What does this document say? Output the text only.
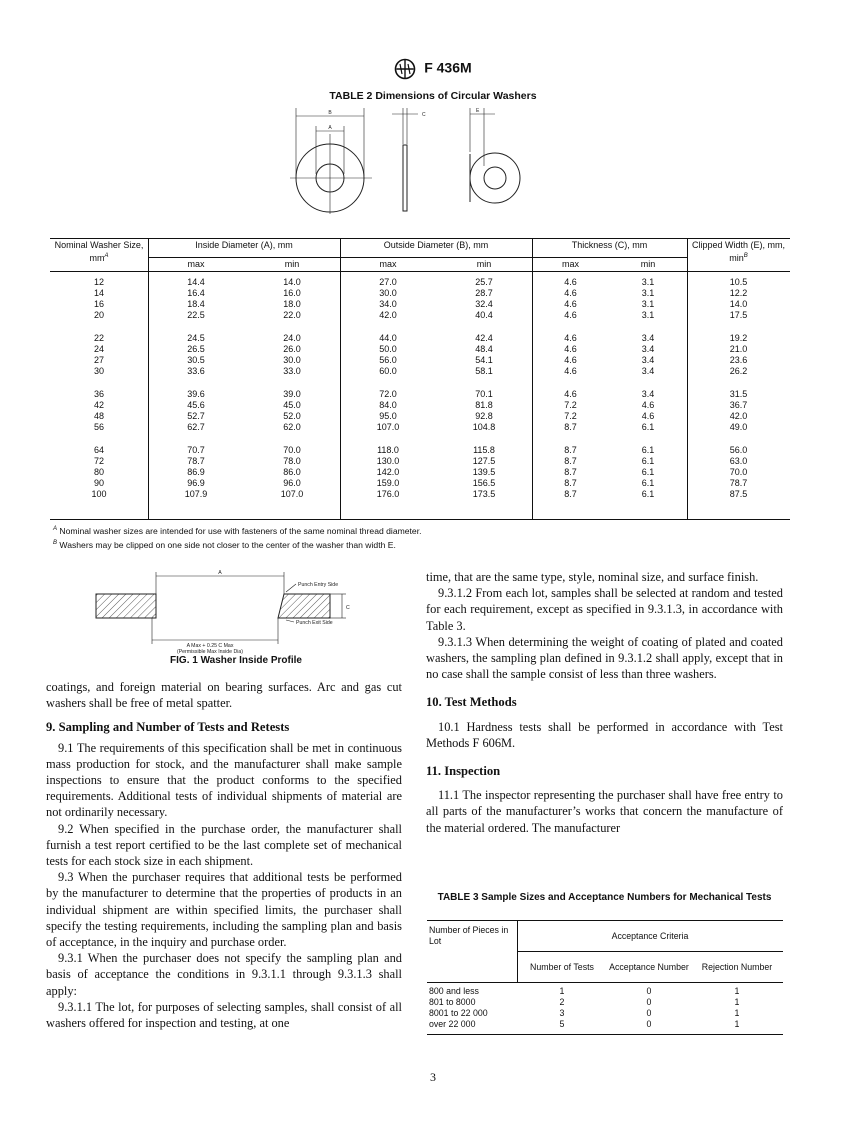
F 436M
TABLE 2 Dimensions of Circular Washers
B
A
C
E
Nominal Washer Size, $mm^A$	Inside Diameter (A), mm		Outside Diameter (B), mm		Thickness (C), mm		Clipped Width (E), mm, $\min^B$
	max	min	max	min	max	min	
12	14.4	14.0	27.0	25.7	4.6	3.1	10.5
14	16.4	16.0	30.0	28.7	4.6	3.1	12.2
16	18.4	18.0	34.0	32.4	4.6	3.1	14.0
20	22.5	22.0	42.0	40.4	4.6	3.1	17.5
22	24.5	24.0	44.0	42.4	4.6	3.4	19.2
24	26.5	26.0	50.0	48.4	4.6	3.4	21.0
27	30.5	30.0	56.0	54.1	4.6	3.4	23.6
30	33.6	33.0	60.0	58.1	4.6	3.4	26.2
36	39.6	39.0	72.0	70.1	4.6	3.4	31.5
42	45.6	45.0	84.0	81.8	7.2	4.6	36.7
48	52.7	52.0	95.0	92.8	7.2	4.6	42.0
56	62.7	62.0	107.0	104.8	8.7	6.1	49.0
64	70.7	70.0	118.0	115.8	8.7	6.1	56.0
72	78.7	78.0	130.0	127.5	8.7	6.1	63.0
80	86.9	86.0	142.0	139.5	8.7	6.1	70.0
90	96.9	96.0	159.0	156.5	8.7	6.1	78.7
100	107.9	107.0	176.0	173.5	8.7	6.1	87.5
$^A$ Nominal washer sizes are intended for use with fasteners of the same nominal thread diameter.
$^B$ Washers may be clipped on one side not closer to the center of the washer than width E.
A
C
Punch Entry Side
Punch Exit Side
A Max + 0.25 C Max
(Permissible Max Inside Dia)
FIG. 1 Washer Inside Profile

coatings, and foreign material on bearing surfaces. Arc and gas cut washers shall be free of metal spatter.

9. Sampling and Number of Tests and Retests

9.1 The requirements of this specification shall be met in continuous mass production for stock, and the manufacturer shall make sample inspections to ensure that the product conforms to the specified requirements. Additional tests of individual shipments of material are not ordinarily necessary.

9.2 When specified in the purchase order, the manufacturer shall furnish a test report certified to be the last complete set of mechanical tests for each stock size in each shipment.

9.3 When the purchaser requires that additional tests be performed by the manufacturer to determine that the properties of products in an individual shipment are within specified limits, the purchaser shall specify the testing requirements, including the sampling plan and basis of acceptance, in the inquiry and purchase order.

9.3.1 When the purchaser does not specify the sampling plan and basis of acceptance the conditions in 9.3.1.1 through 9.3.1.3 shall apply:

9.3.1.1 The lot, for purposes of selecting samples, shall consist of all washers offered for inspection and testing, at one

time, that are the same type, style, nominal size, and surface finish.

9.3.1.2 From each lot, samples shall be selected at random and tested for each requirement, except as specified in 9.3.1.3, in accordance with Table 3.

9.3.1.3 When determining the weight of coating of plated and coated washers, the sampling plan defined in 9.3.1.2 shall apply, except that in no case shall the sample consist of less than three washers.

10. Test Methods

10.1 Hardness tests shall be performed in accordance with Test Methods F 606M.

11. Inspection

11.1 The inspector representing the purchaser shall have free entry to all parts of the manufacturer’s works that concern the manufacture of the material ordered. The manufacturer

TABLE 3 Sample Sizes and Acceptance Numbers for Mechanical Tests
Number of Pieces in Lot	Acceptance Criteria		
	Number of Tests	Acceptance Number	Rejection Number
800 and less	1	0	1
801 to 8000	2	0	1
8001 to 22 000	3	0	1
over 22 000	5	0	1
3
